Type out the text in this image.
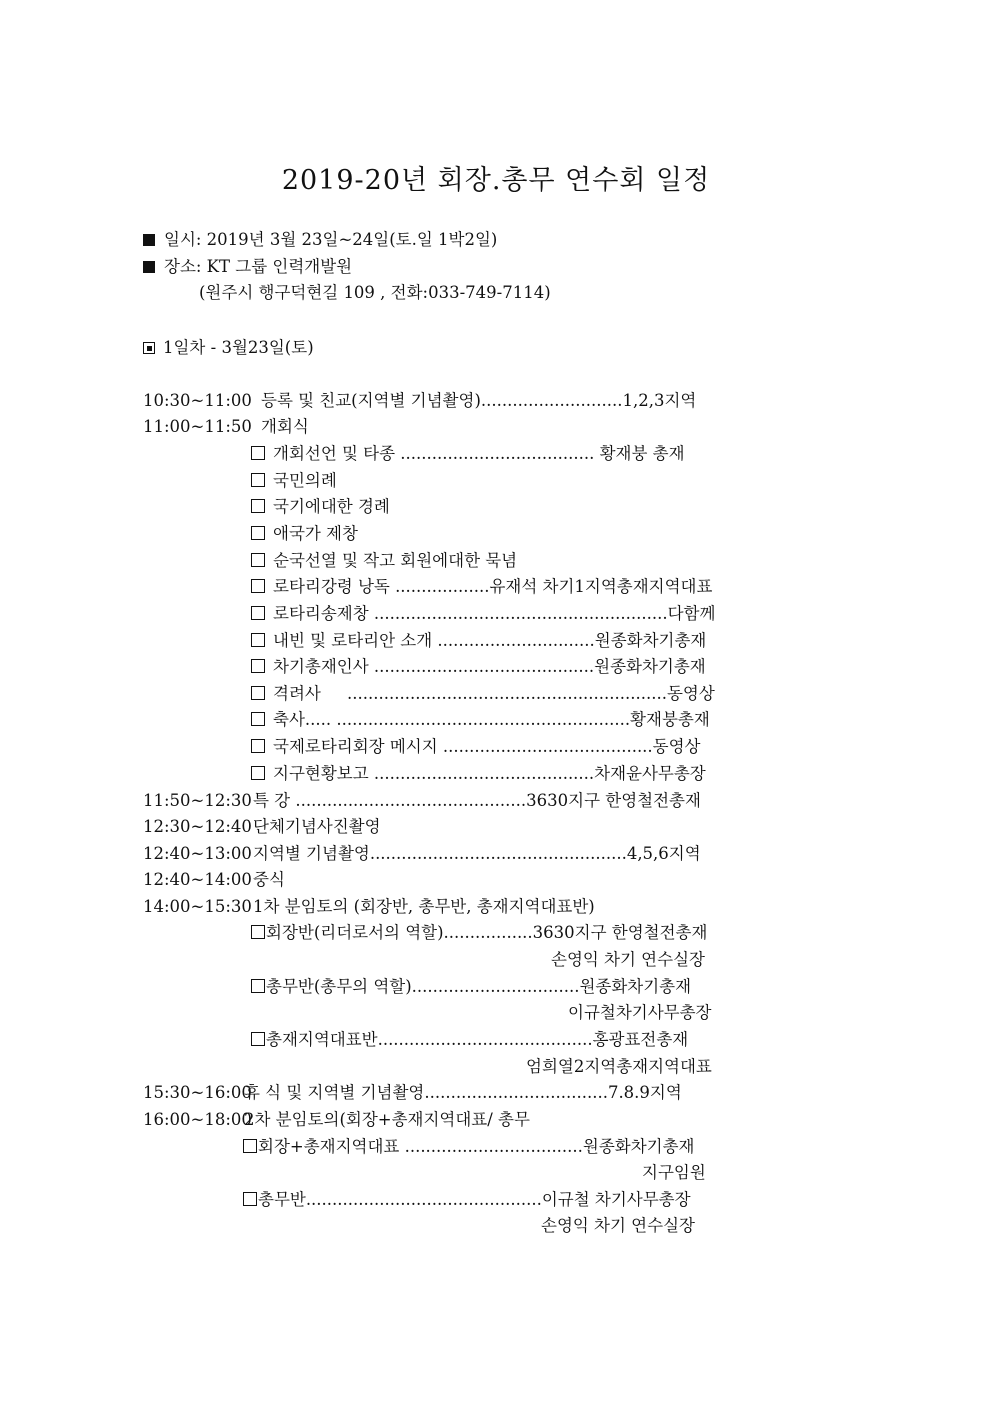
2019-20년 회장.총무 연수회 일정
일시: 2019년 3월 23일~24일(토.일 1박2일)
장소: KT 그룹 인력개발원
(원주시 행구덕현길 109 , 전화:033-749-7114)
1일차 - 3월23일(토)
10:30~11:00 등록 및 친교(지역별 기념촬영)...........................1,2,3지역
11:00~11:50 개회식
개회선언 및 타종 ..................................... 황재붕 총재
국민의례
국기에대한 경례
애국가 제창
순국선열 및 작고 회원에대한 묵념
로타리강령 낭독 ..................유재석 차기1지역총재지역대표
로타리송제창 ........................................................다함께
내빈 및 로타리안 소개 ..............................원종화차기총재
차기총재인사 ..........................................원종화차기총재
격려사     .............................................................동영상
축사..... ........................................................황재붕총재
국제로타리회장 메시지 ........................................동영상
지구현황보고 ..........................................차재윤사무총장
11:50~12:30 특 강 ............................................3630지구 한영철전총재
12:30~12:40 단체기념사진촬영
12:40~13:00 지역별 기념촬영.................................................4,5,6지역
12:40~14:00 중식
14:00~15:30 1차 분임토의 (회장반, 총무반, 총재지역대표반)
회장반(리더로서의 역할).................3630지구 한영철전총재
손영익 차기 연수실장
총무반(총무의 역할)................................원종화차기총재
이규철차기사무총장
총재지역대표반.........................................홍광표전총재
엄희열2지역총재지역대표
15:30~16:00
휴 식 및 지역별 기념촬영...................................7.8.9지역
16:00~18:00
2차 분임토의(회장+총재지역대표/ 총무
회장+총재지역대표 ..................................원종화차기총재
지구임원
총무반.............................................이규철 차기사무총장
손영익 차기 연수실장
